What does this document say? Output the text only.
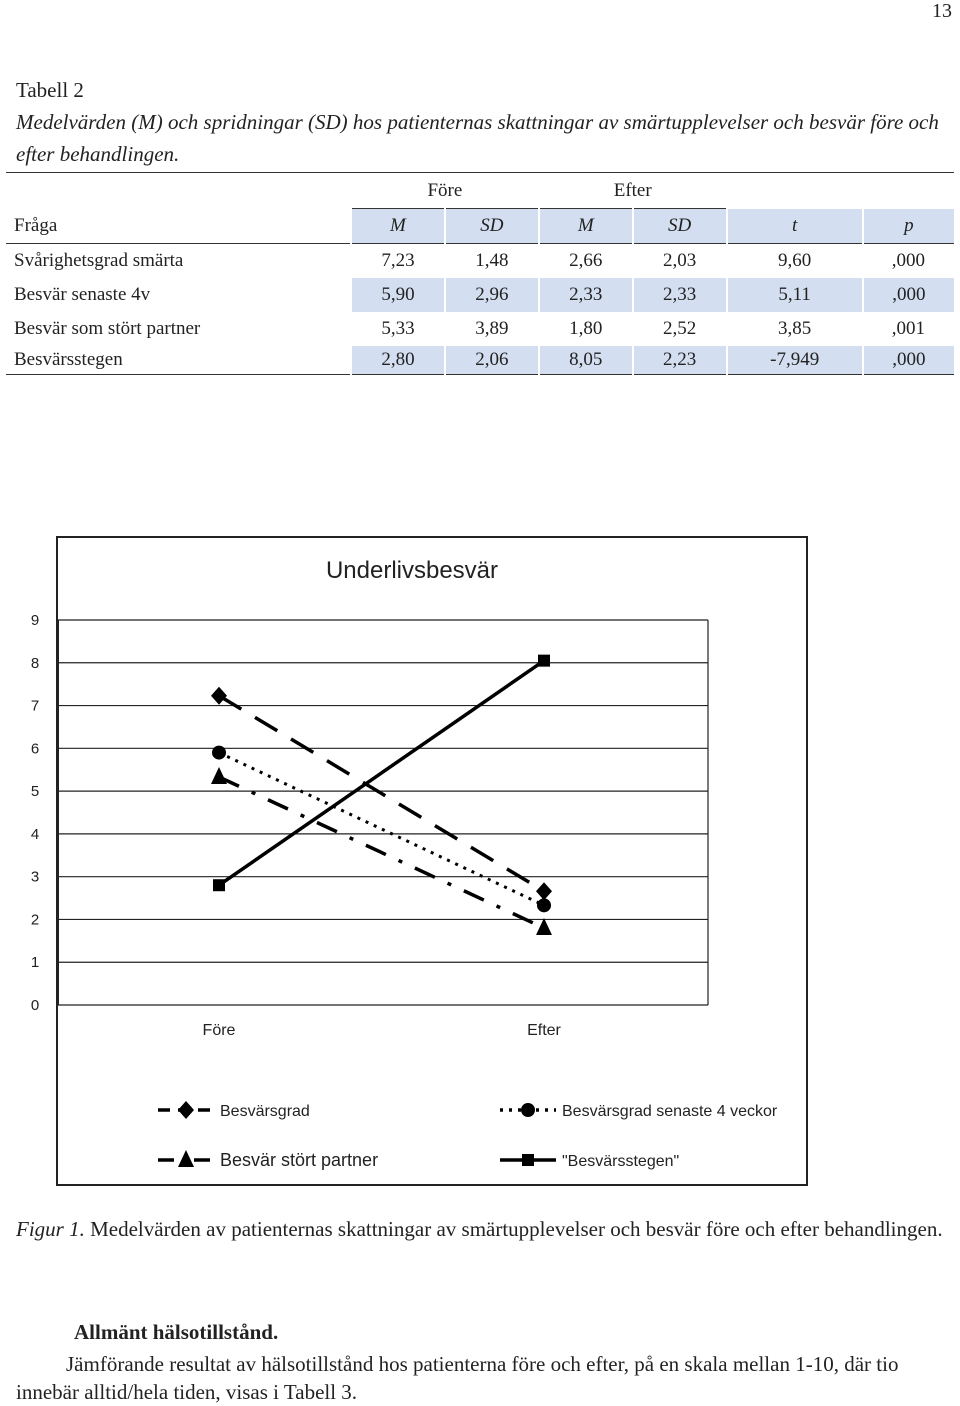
13
Tabell 2
Medelvärden (M) och spridningar (SD) hos patienternas skattningar av smärtupplevelser och besvär före och efter behandlingen.
	Före		Efter			
Fråga	M	SD	M	SD	t	p
Svårighetsgrad smärta	7,23	1,48	2,66	2,03	9,60	,000
Besvär senaste 4v	5,90	2,96	2,33	2,33	5,11	,000
Besvär som stört partner	5,33	3,89	1,80	2,52	3,85	,001
Besvärsstegen	2,80	2,06	8,05	2,23	-7,949	,000
Underlivsbesvär
0
1
2
3
4
5
6
7
8
9
Före	Efter
Besvärsgrad	Besvärsgrad senaste 4 veckor
Besvär stört partner	"Besvärsstegen"
Figur 1. Medelvärden av patienternas skattningar av smärtupplevelser och besvär före och efter behandlingen.
Allmänt hälsotillstånd.
Jämförande resultat av hälsotillstånd hos patienterna före och efter, på en skala mellan 1-10, där tio innebär alltid/hela tiden, visas i Tabell 3.
